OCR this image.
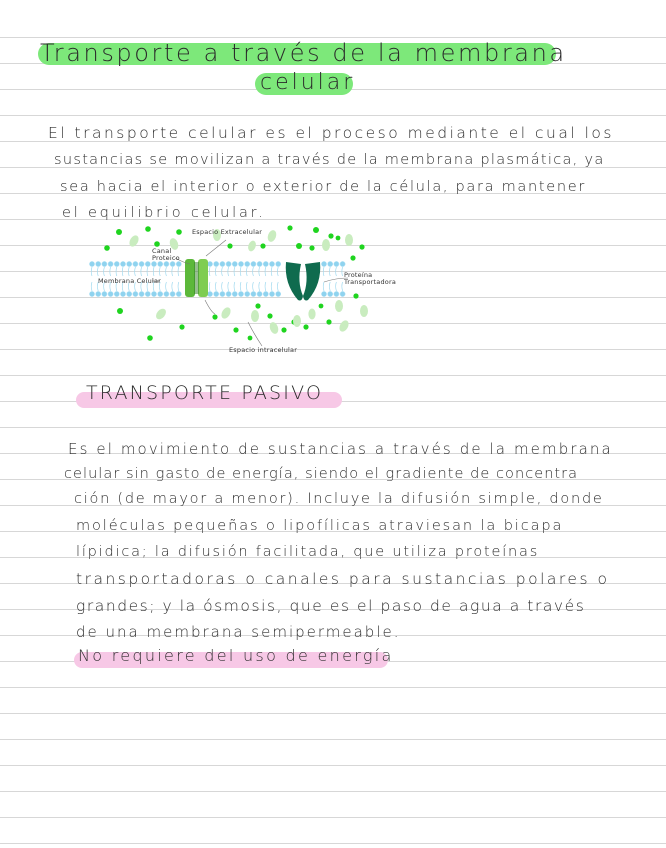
Transporte a través de la membrana
celular
El transporte celular es el proceso mediante el cual los
sustancias se movilizan a través de la membrana plasmática, ya
sea hacia el interior o exterior de la célula, para mantener
el equilibrio celular.
Espacio Extracelular
Canal Proteico
Membrana Celular
Proteína Transportadora
Espacio intracelular
TRANSPORTE PASIVO
Es el movimiento de sustancias a través de la membrana
celular sin gasto de energía, siendo el gradiente de concentra
ción (de mayor a menor). Incluye la difusión simple, donde
moléculas pequeñas o lipofílicas atraviesan la bicapa
lípidica; la difusión facilitada, que utiliza proteínas
transportadoras o canales para sustancias polares o
grandes; y la ósmosis, que es el paso de agua a través
de una membrana semipermeable.
No requiere del uso de energía
